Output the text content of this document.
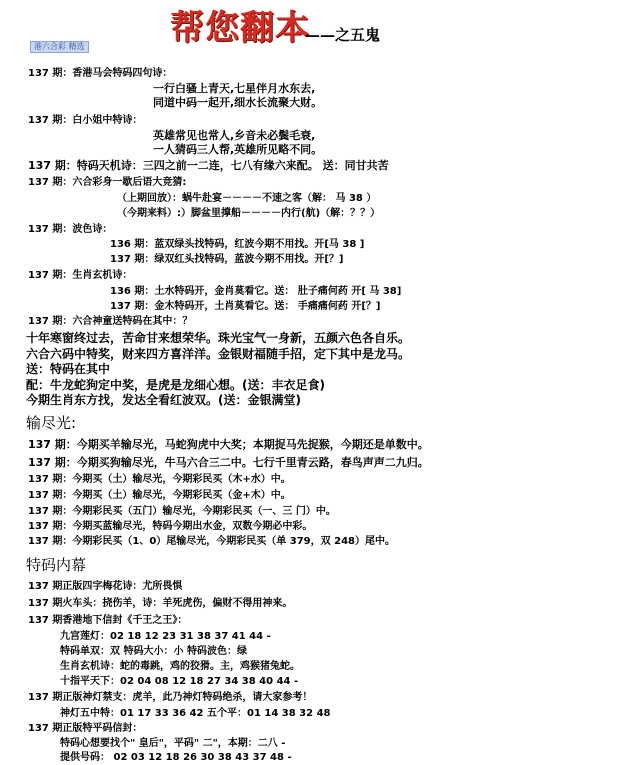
帮您翻本
——之五鬼
港六合彩 精选
137 期：香港马会特码四句诗：
一行白骚上青天,七星伴月水东去,
同道中码一起开,细水长流聚大财。
137 期：白小姐中特诗：
英雄常见也常人,乡音未必鬓毛衰,
一人猜码三人帮,英雄所见略不同。
137 期：特码天机诗：三四之前一二连，七八有缘六来配。 送：同甘共苦
137 期：六合彩身一歇后语大竞猜:
（上期回放）：蜗牛赴宴－－－－不速之客（解： 马 38 ）
（今期来料）:）脚盆里撑船－－－－内行(航)（解：？？）
137 期：波色诗：
136 期：蓝双绿头找特码，红波今期不用找。开[马 38 ]
137 期：绿双红头找特码，蓝波今期不用找。开[？]
137 期：生肖玄机诗：
136 期：土水特码开，金肖莫看它。送： 肚子痛何药 开[ 马 38]
137 期：金木特码开，土肖莫看它。送： 手痛痛何药 开[？]
137 期：六合神童送特码在其中：？
十年寒窗终过去，苦命甘来想荣华。珠光宝气一身新，五颜六色各自乐。
六合六码中特奖，财来四方喜洋洋。金银财福随手招，定下其中是龙马。
送：特码在其中
配：牛龙蛇狗定中奖，是虎是龙细心想。(送：丰衣足食)
今期生肖东方找，发达全看红波双。(送：金银满堂)
输尽光:
137 期：今期买羊输尽光，马蛇狗虎中大奖；本期捉马先捉猴，今期还是单数中。
137 期：今期买狗输尽光，牛马六合三二中。七行千里青云路，春鸟声声二九归。
137 期：今期买（土）输尽光，今期彩民买（木+水）中。
137 期：今期买（土）输尽光，今期彩民买（金+木）中。
137 期：今期彩民买（五门）输尽光，今期彩民买（一、三 门）中。
137 期：今期买蓝输尽光，特码今期出水金，双数今期必中彩。
137 期：今期彩民买（1、0）尾输尽光，今期彩民买（单 379，双 248）尾中。
特码内幕
137 期正版四字梅花诗：尤所畏惧
137 期火车头：挠伤羊，诗：羊死虎伤，偏财不得用神来。
137 期香港地下信封《千王之王》：
九宫莲灯：02 18 12 23 31 38 37 41 44 -
特码单双：双 特码大小：小 特码波色：绿
生肖玄机诗：蛇的毒跳，鸡的狡猾。主，鸡猴猪兔蛇。
十指平天下：02 04 08 12 18 27 34 38 40 44 -
137 期正版神灯禁支：虎羊，此乃神灯特码绝杀，请大家参考！
神灯五中特：01 17 33 36 42 五个平：01 14 38 32 48
137 期正版特平码信封：
特码心想要找个" 皇后"，平码" 二"，本期：二八 -
提供号码： 02 03 12 18 26 30 38 43 37 48 -
